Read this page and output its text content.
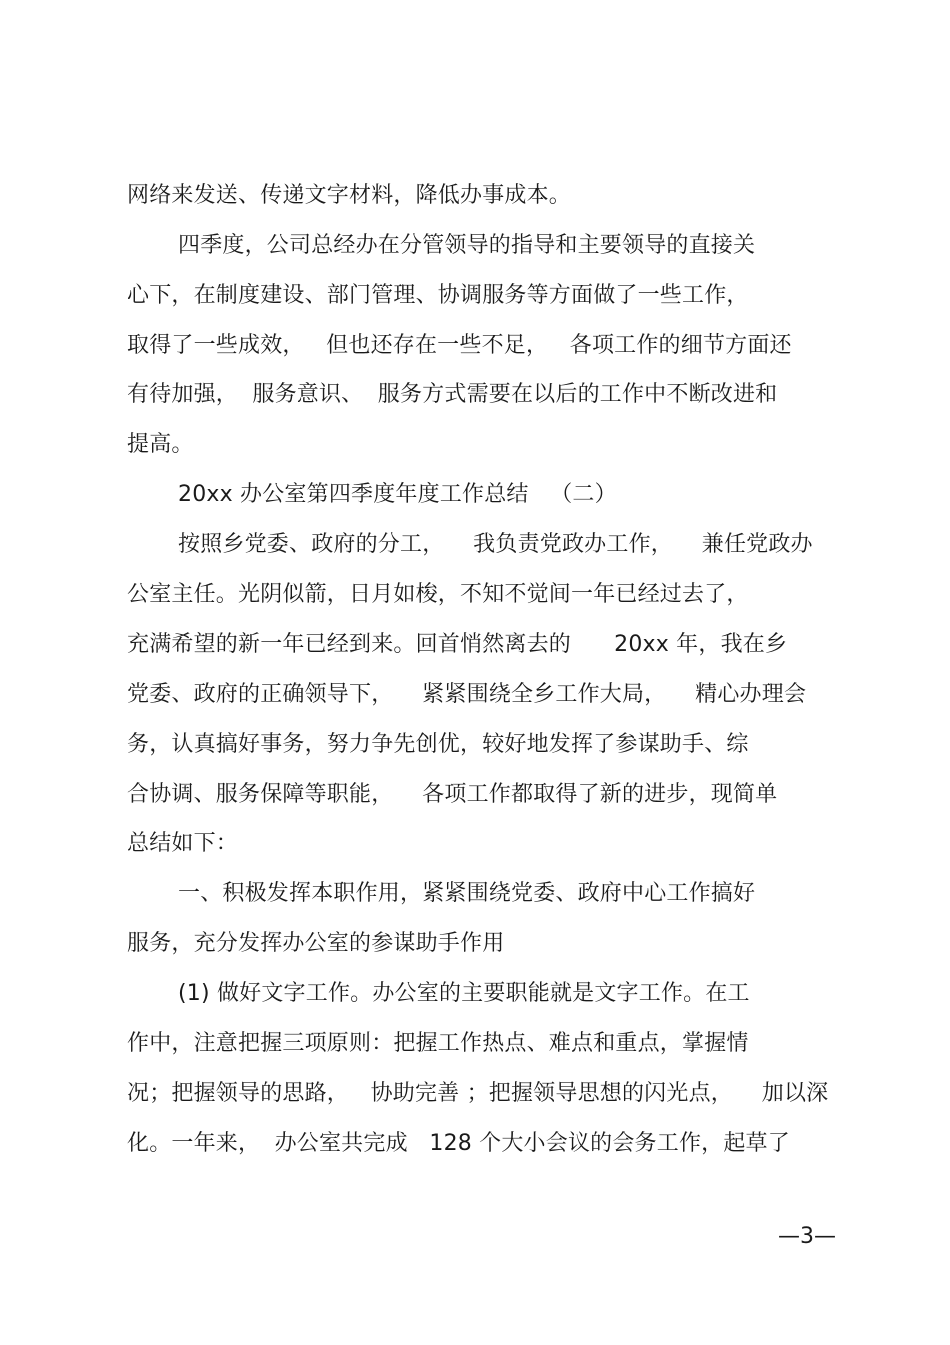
网络来发送、传递文字材料，降低办事成本。
四季度，公司总经办在分管领导的指导和主要领导的直接关
心下，在制度建设、部门管理、协调服务等方面做了一些工作，
取得了一些成效，   但也还存在一些不足，   各项工作的细节方面还
有待加强，  服务意识、  服务方式需要在以后的工作中不断改进和
提高。
20xx 办公室第四季度年度工作总结   （二）
按照乡党委、政府的分工，    我负责党政办工作，    兼任党政办
公室主任。光阴似箭，日月如梭，不知不觉间一年已经过去了，
充满希望的新一年已经到来。回首悄然离去的      20xx 年，我在乡
党委、政府的正确领导下，    紧紧围绕全乡工作大局，    精心办理会
务，认真搞好事务，努力争先创优，较好地发挥了参谋助手、综
合协调、服务保障等职能，    各项工作都取得了新的进步，现简单
总结如下：
一、积极发挥本职作用，紧紧围绕党委、政府中心工作搞好
服务，充分发挥办公室的参谋助手作用
(1) 做好文字工作。办公室的主要职能就是文字工作。在工
作中，注意把握三项原则：把握工作热点、难点和重点，掌握情
况；把握领导的思路，   协助完善 ；把握领导思想的闪光点，    加以深
化。一年来，  办公室共完成   128 个大小会议的会务工作，起草了
—3—
